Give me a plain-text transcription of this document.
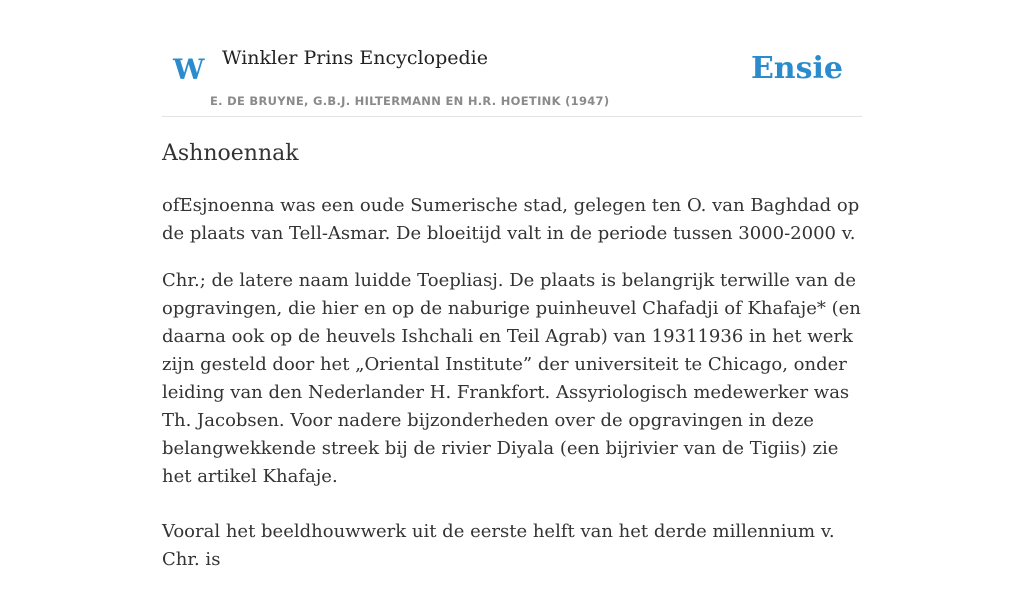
W Winkler Prins Encyclopedie
E. DE BRUYNE, G.B.J. HILTERMANN EN H.R. HOETINK (1947)
Ensie
Ashnoennak

ofEsjnoenna was een oude Sumerische stad, gelegen ten O. van Baghdad op de plaats van Tell-Asmar. De bloeitijd valt in de periode tussen 3000-2000 v.

Chr.; de latere naam luidde Toepliasj. De plaats is belangrijk terwille van de opgravingen, die hier en op de naburige puinheuvel Chafadji of Khafaje* (en daarna ook op de heuvels Ishchali en Teil Agrab) van 19311936 in het werk zijn gesteld door het „Oriental Institute” der universiteit te Chicago, onder leiding van den Nederlander H. Frankfort. Assyriologisch medewerker was Th. Jacobsen. Voor nadere bijzonderheden over de opgravingen in deze belangwekkende streek bij de rivier Diyala (een bijrivier van de Tigiis) zie het artikel Khafaje.

Vooral het beeldhouwwerk uit de eerste helft van het derde millennium v. Chr. is
